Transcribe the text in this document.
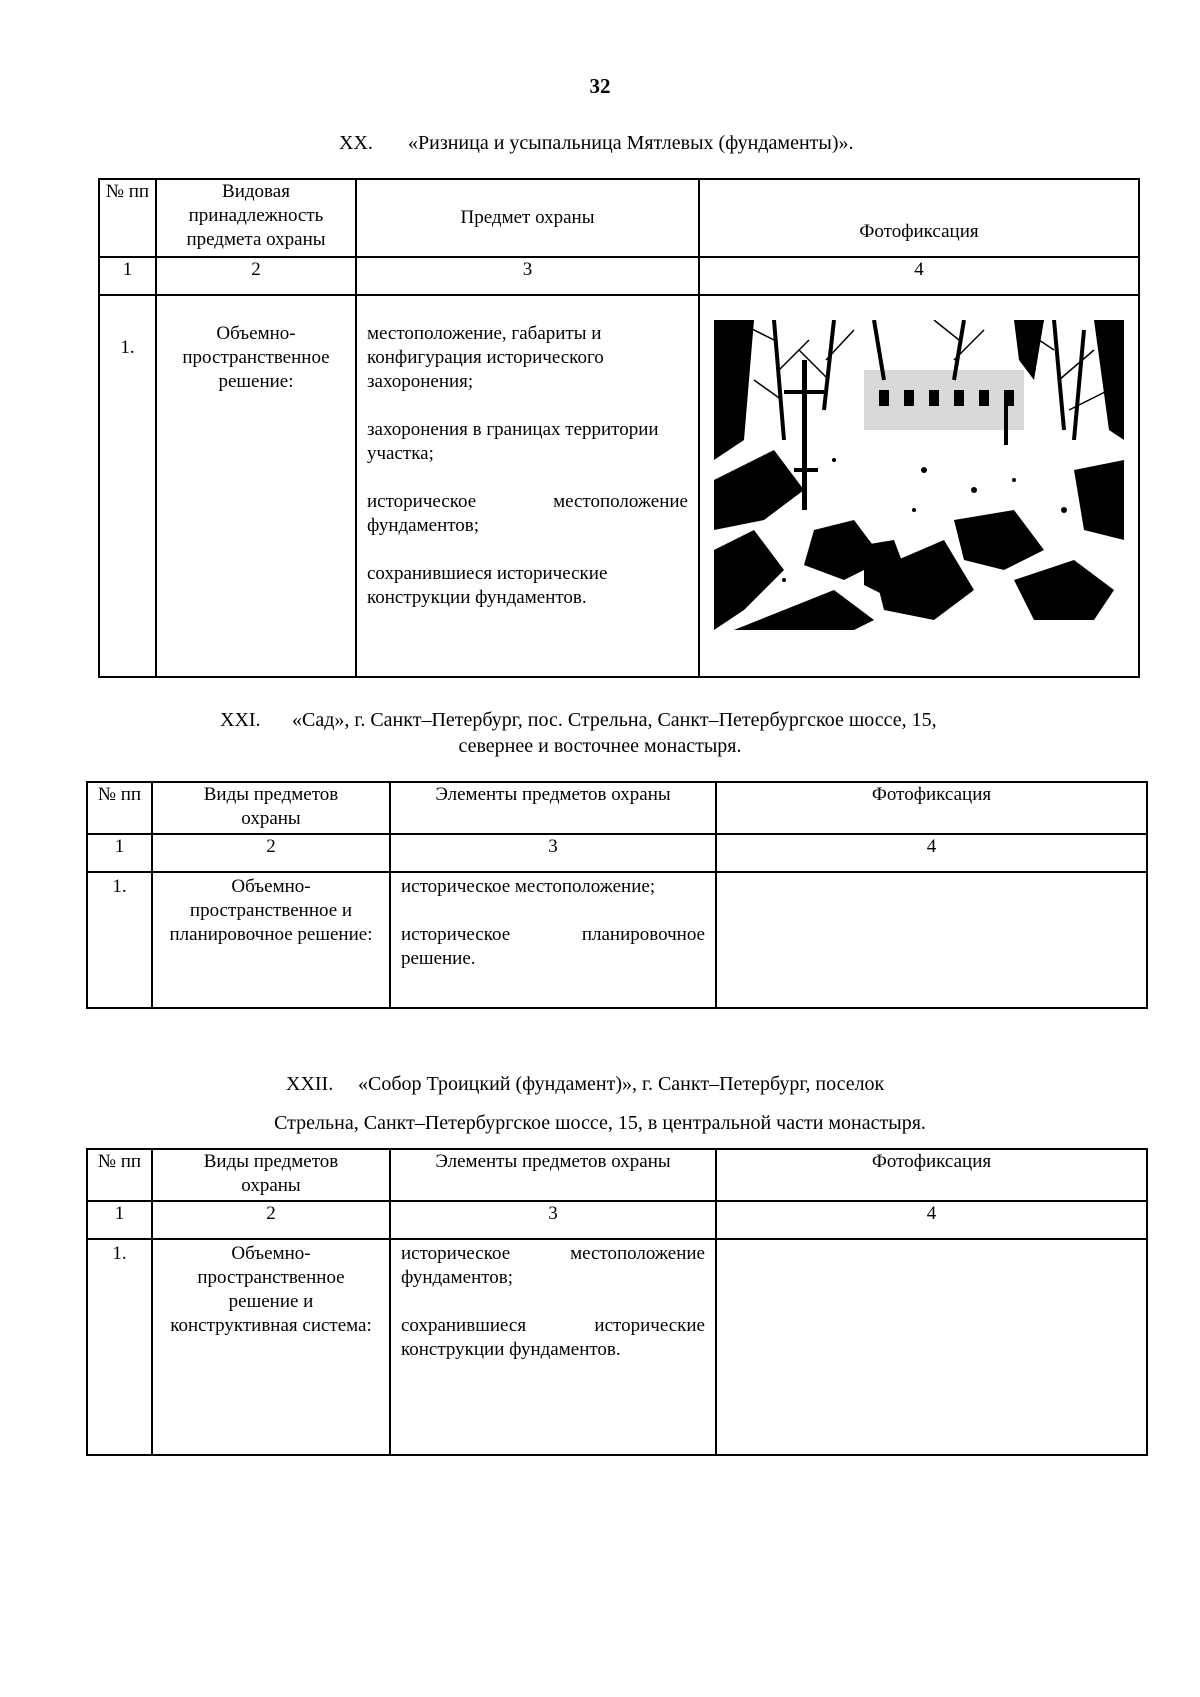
32
XX. «Ризница и усыпальница Мятлевых (фундаменты)».
№ пп	Видовая принадлежность предмета охраны	Предмет охраны	Фотофиксация
1	2	3	4
1.	Объемно-пространственное решение:	местоположение, габариты и конфигурация исторического захоронения;
захоронения в границах территории участка;
историческое местоположение фундаментов;
сохранившиеся исторические конструкции фундаментов.

XXI. «Сад», г. Санкт–Петербург, пос. Стрельна, Санкт–Петербургское шоссе, 15,
севернее и восточнее монастыря.
№ пп	Виды предметов охраны	Элементы предметов охраны	Фотофиксация
1	2	3	4
1.	Объемно-пространственное и планировочное решение:	историческое местоположение;
историческое планировочное решение.	

XXII. «Собор Троицкий (фундамент)», г. Санкт–Петербург, поселок
Стрельна, Санкт–Петербургское шоссе, 15, в центральной части монастыря.
№ пп	Виды предметов охраны	Элементы предметов охраны	Фотофиксация
1	2	3	4
1.	Объемно-пространственное решение и конструктивная система:	историческое местоположение фундаментов;
сохранившиеся исторические конструкции фундаментов.	
